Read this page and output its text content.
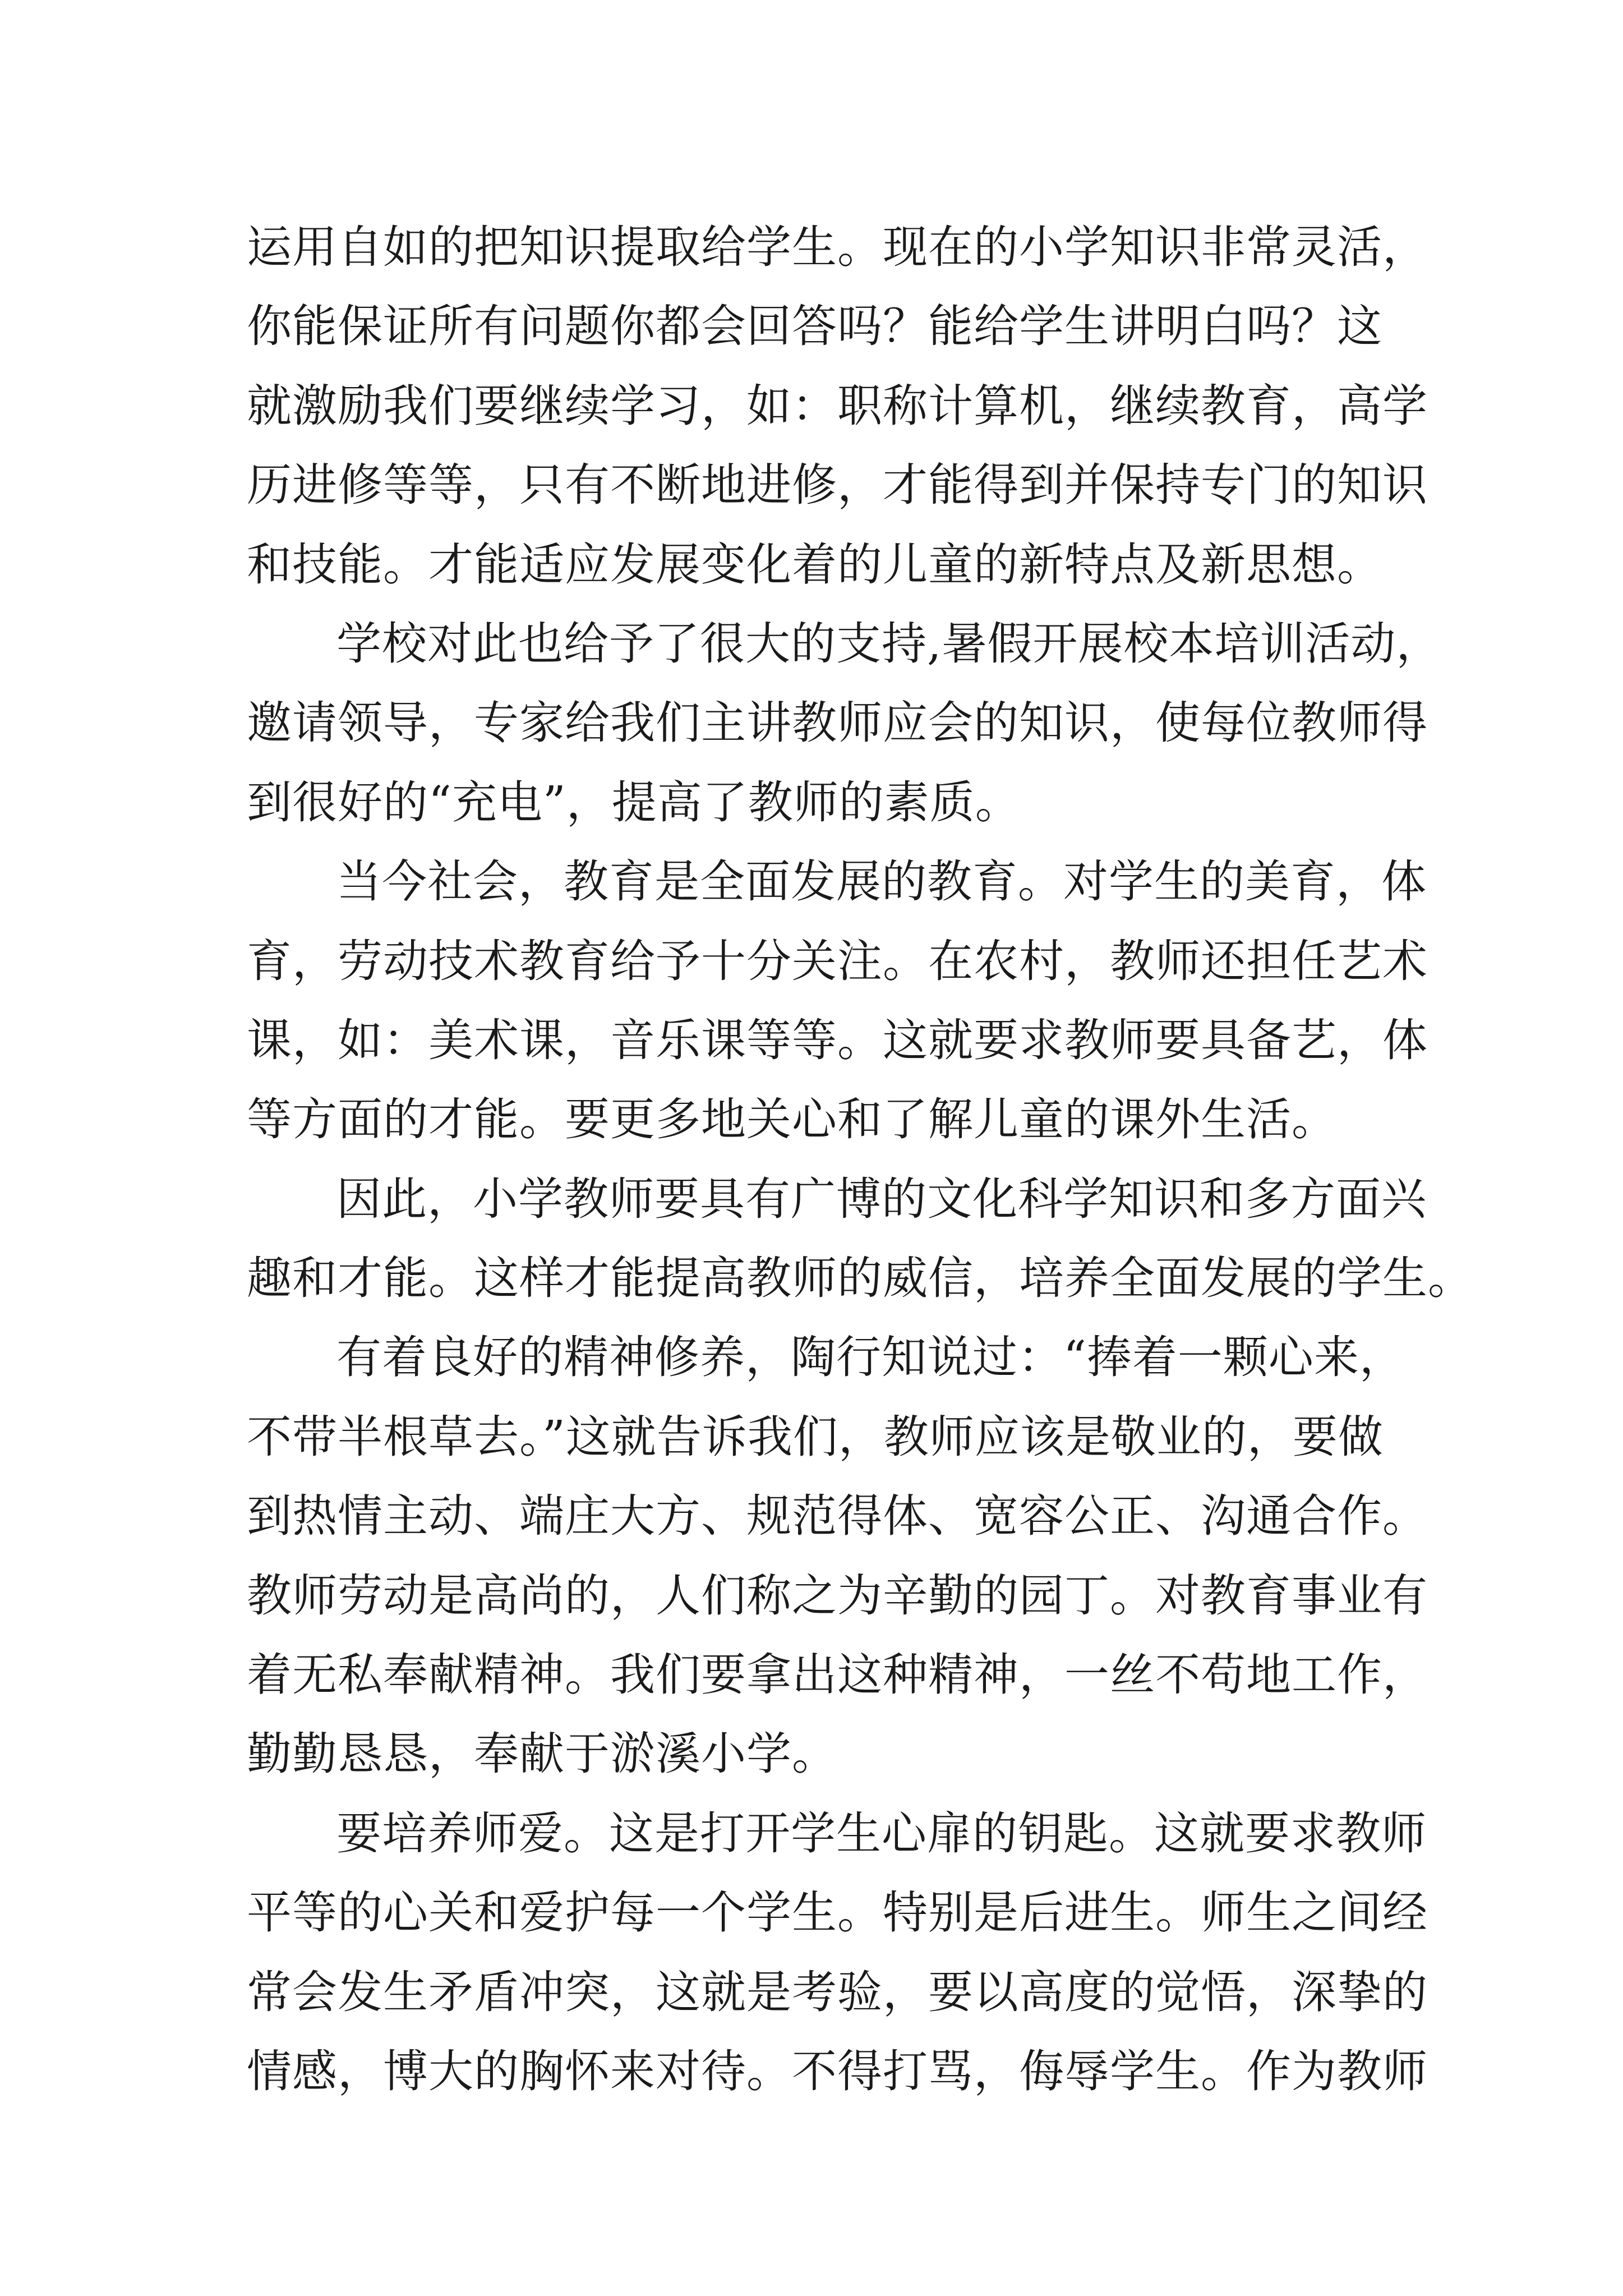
运用自如的把知识提取给学生。现在的小学知识非常灵活，
你能保证所有问题你都会回答吗？能给学生讲明白吗？这
就激励我们要继续学习，如：职称计算机，继续教育，高学
历进修等等，只有不断地进修，才能得到并保持专门的知识
和技能。才能适应发展变化着的儿童的新特点及新思想。
学校对此也给予了很大的支持,暑假开展校本培训活动，
邀请领导，专家给我们主讲教师应会的知识，使每位教师得
到很好的“充电”，提高了教师的素质。
当今社会，教育是全面发展的教育。对学生的美育，体
育，劳动技术教育给予十分关注。在农村，教师还担任艺术
课，如：美术课，音乐课等等。这就要求教师要具备艺，体
等方面的才能。要更多地关心和了解儿童的课外生活。
因此，小学教师要具有广博的文化科学知识和多方面兴
趣和才能。这样才能提高教师的威信，培养全面发展的学生。
有着良好的精神修养，陶行知说过：“捧着一颗心来，
不带半根草去。”这就告诉我们，教师应该是敬业的，要做
到热情主动、端庄大方、规范得体、宽容公正、沟通合作。
教师劳动是高尚的，人们称之为辛勤的园丁。对教育事业有
着无私奉献精神。我们要拿出这种精神，一丝不苟地工作，
勤勤恳恳，奉献于淤溪小学。
要培养师爱。这是打开学生心扉的钥匙。这就要求教师
平等的心关和爱护每一个学生。特别是后进生。师生之间经
常会发生矛盾冲突，这就是考验，要以高度的觉悟，深挚的
情感，博大的胸怀来对待。不得打骂，侮辱学生。作为教师
